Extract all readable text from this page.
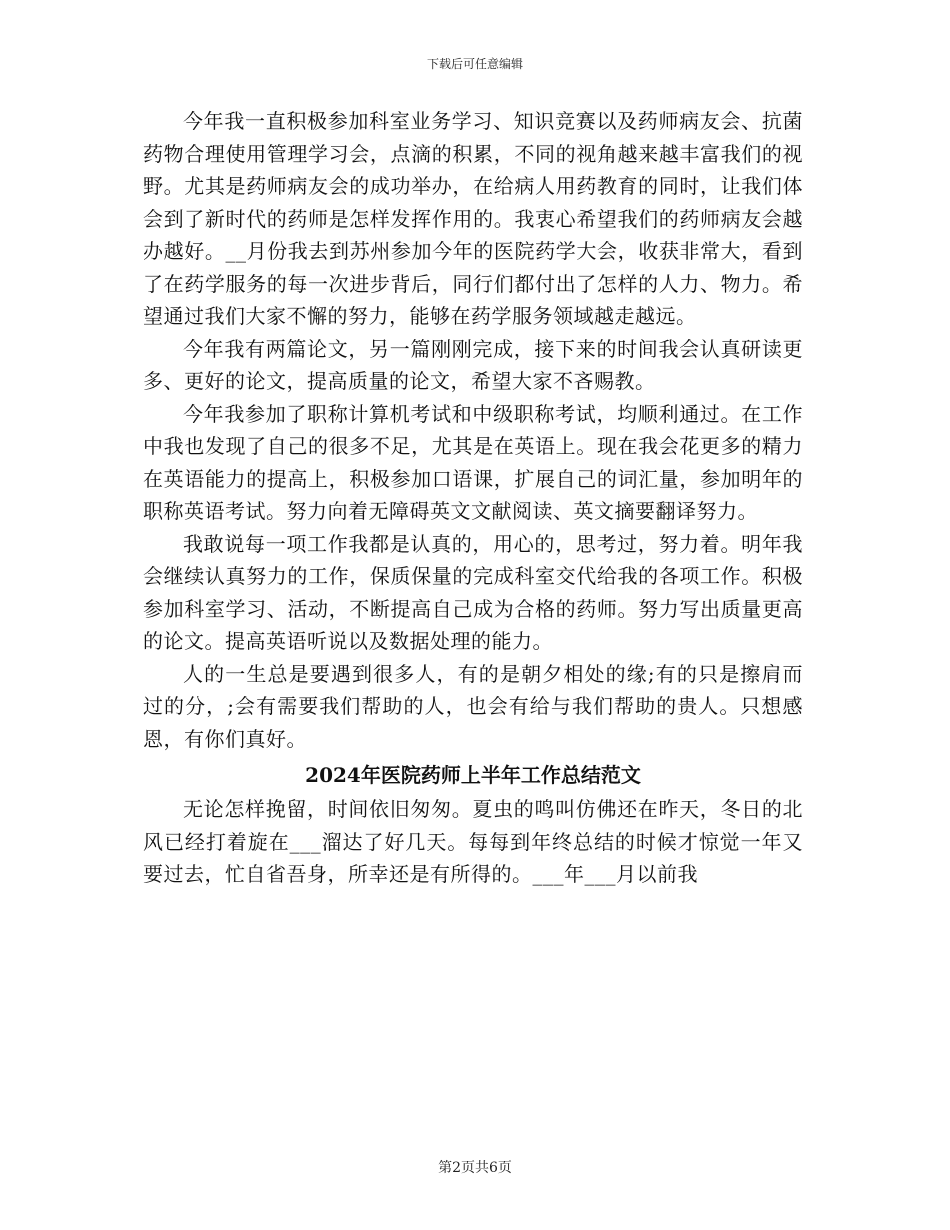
下载后可任意编辑

今年我一直积极参加科室业务学习、知识竞赛以及药师病友会、抗菌药物合理使用管理学习会，点滴的积累，不同的视角越来越丰富我们的视野。尤其是药师病友会的成功举办，在给病人用药教育的同时，让我们体会到了新时代的药师是怎样发挥作用的。我衷心希望我们的药师病友会越办越好。__月份我去到苏州参加今年的医院药学大会，收获非常大，看到了在药学服务的每一次进步背后，同行们都付出了怎样的人力、物力。希望通过我们大家不懈的努力，能够在药学服务领域越走越远。

今年我有两篇论文，另一篇刚刚完成，接下来的时间我会认真研读更多、更好的论文，提高质量的论文，希望大家不吝赐教。

今年我参加了职称计算机考试和中级职称考试，均顺利通过。在工作中我也发现了自己的很多不足，尤其是在英语上。现在我会花更多的精力在英语能力的提高上，积极参加口语课，扩展自己的词汇量，参加明年的职称英语考试。努力向着无障碍英文文献阅读、英文摘要翻译努力。

我敢说每一项工作我都是认真的，用心的，思考过，努力着。明年我会继续认真努力的工作，保质保量的完成科室交代给我的各项工作。积极参加科室学习、活动，不断提高自己成为合格的药师。努力写出质量更高的论文。提高英语听说以及数据处理的能力。

人的一生总是要遇到很多人，有的是朝夕相处的缘;有的只是擦肩而过的分，;会有需要我们帮助的人，也会有给与我们帮助的贵人。只想感恩，有你们真好。

2024年医院药师上半年工作总结范文

无论怎样挽留，时间依旧匆匆。夏虫的鸣叫仿佛还在昨天，冬日的北风已经打着旋在___溜达了好几天。每每到年终总结的时候才惊觉一年又要过去，忙自省吾身，所幸还是有所得的。___年___月以前我

第2页共6页
